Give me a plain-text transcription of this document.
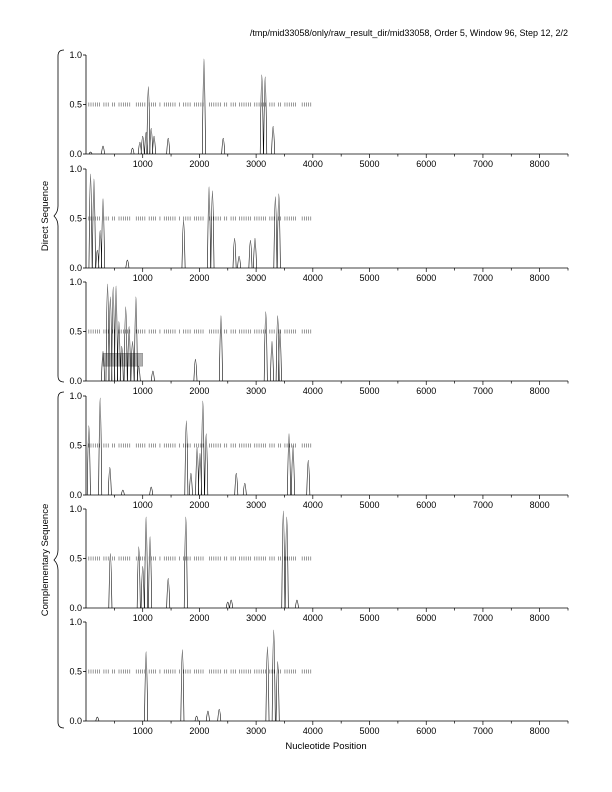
/tmp/mid33058/only/raw_result_dir/mid33058, Order 5, Window 96, Step 12, 2/2
Nucleotide Position
Direct Sequence
Complementary Sequence
0.0
0.5
1.0
1000	2000	3000	4000	5000	6000	7000	8000
0.0
0.5
1.0
1000	2000	3000	4000	5000	6000	7000	8000
0.0
0.5
1.0
1000	2000	3000	4000	5000	6000	7000	8000
0.0
0.5
1.0
1000	2000	3000	4000	5000	6000	7000	8000
0.0
0.5
1.0
1000	2000	3000	4000	5000	6000	7000	8000
0.0
0.5
1.0
1000	2000	3000	4000	5000	6000	7000	8000
